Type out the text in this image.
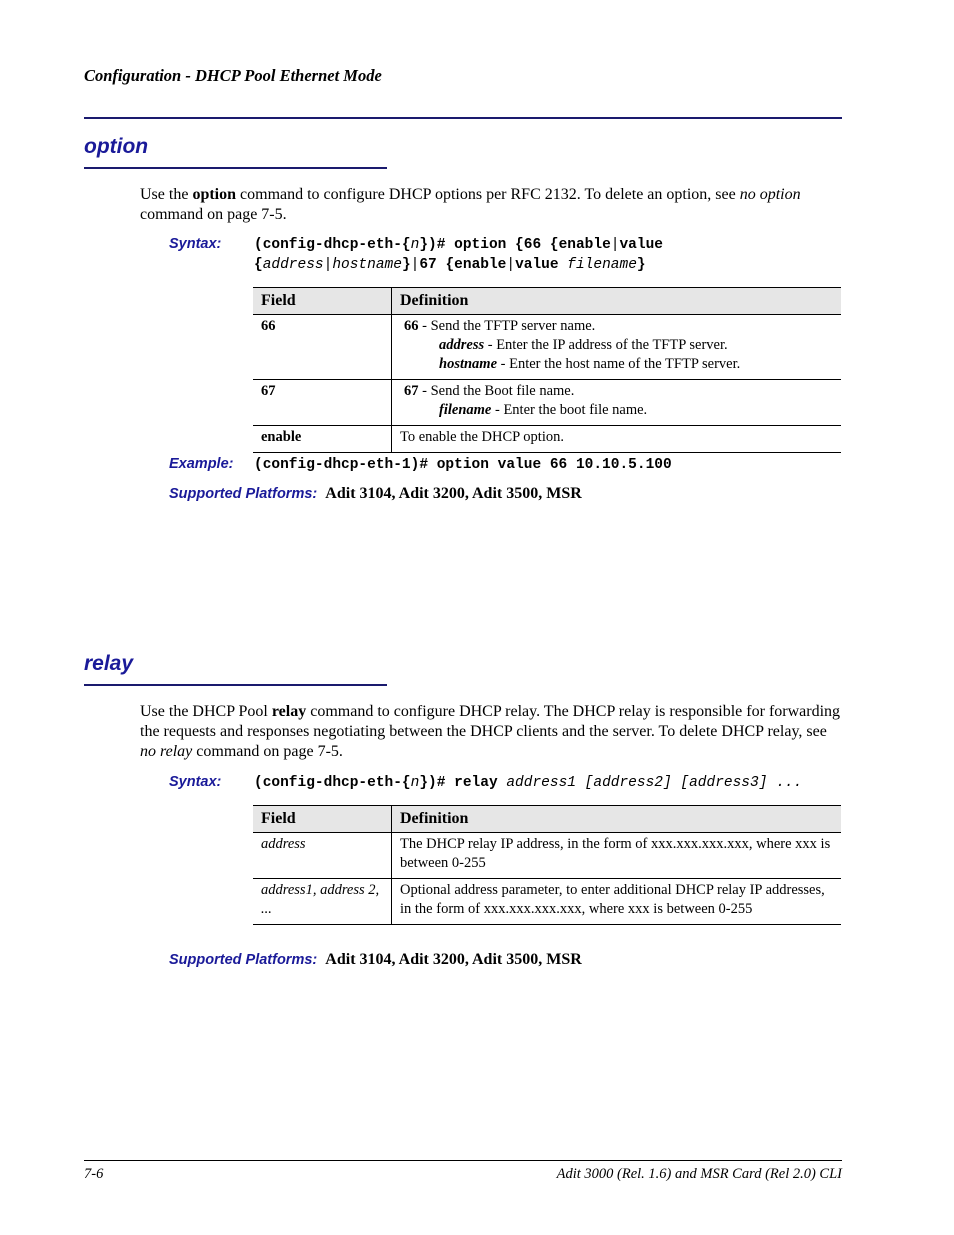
Configuration - DHCP Pool Ethernet Mode
option
Use the option command to configure DHCP options per RFC 2132. To delete an option, see no option command on page 7-5.
Syntax: (config-dhcp-eth-{n})# option {66 {enable|value
{address|hostname}|67 {enable|value filename}
Field	Definition
66	66 - Send the TFTP server name.
address - Enter the IP address of the TFTP server.
hostname - Enter the host name of the TFTP server.

67	67 - Send the Boot file name.
filename - Enter the boot file name.

enable	To enable the DHCP option.
Example: (config-dhcp-eth-1)# option value 66 10.10.5.100
Supported Platforms: Adit 3104, Adit 3200, Adit 3500, MSR
relay
Use the DHCP Pool relay command to configure DHCP relay. The DHCP relay is responsible for forwarding the requests and responses negotiating between the DHCP clients and the server. To delete DHCP relay, see no relay command on page 7-5.
Syntax: (config-dhcp-eth-{n})# relay address1 [address2] [address3] ...
Field	Definition
address	The DHCP relay IP address, in the form of xxx.xxx.xxx.xxx, where xxx is between 0-255
address1, address 2, ...	Optional address parameter, to enter additional DHCP relay IP addresses, in the form of xxx.xxx.xxx.xxx, where xxx is between 0-255
Supported Platforms: Adit 3104, Adit 3200, Adit 3500, MSR
7-6	Adit 3000 (Rel. 1.6) and MSR Card (Rel 2.0) CLI
